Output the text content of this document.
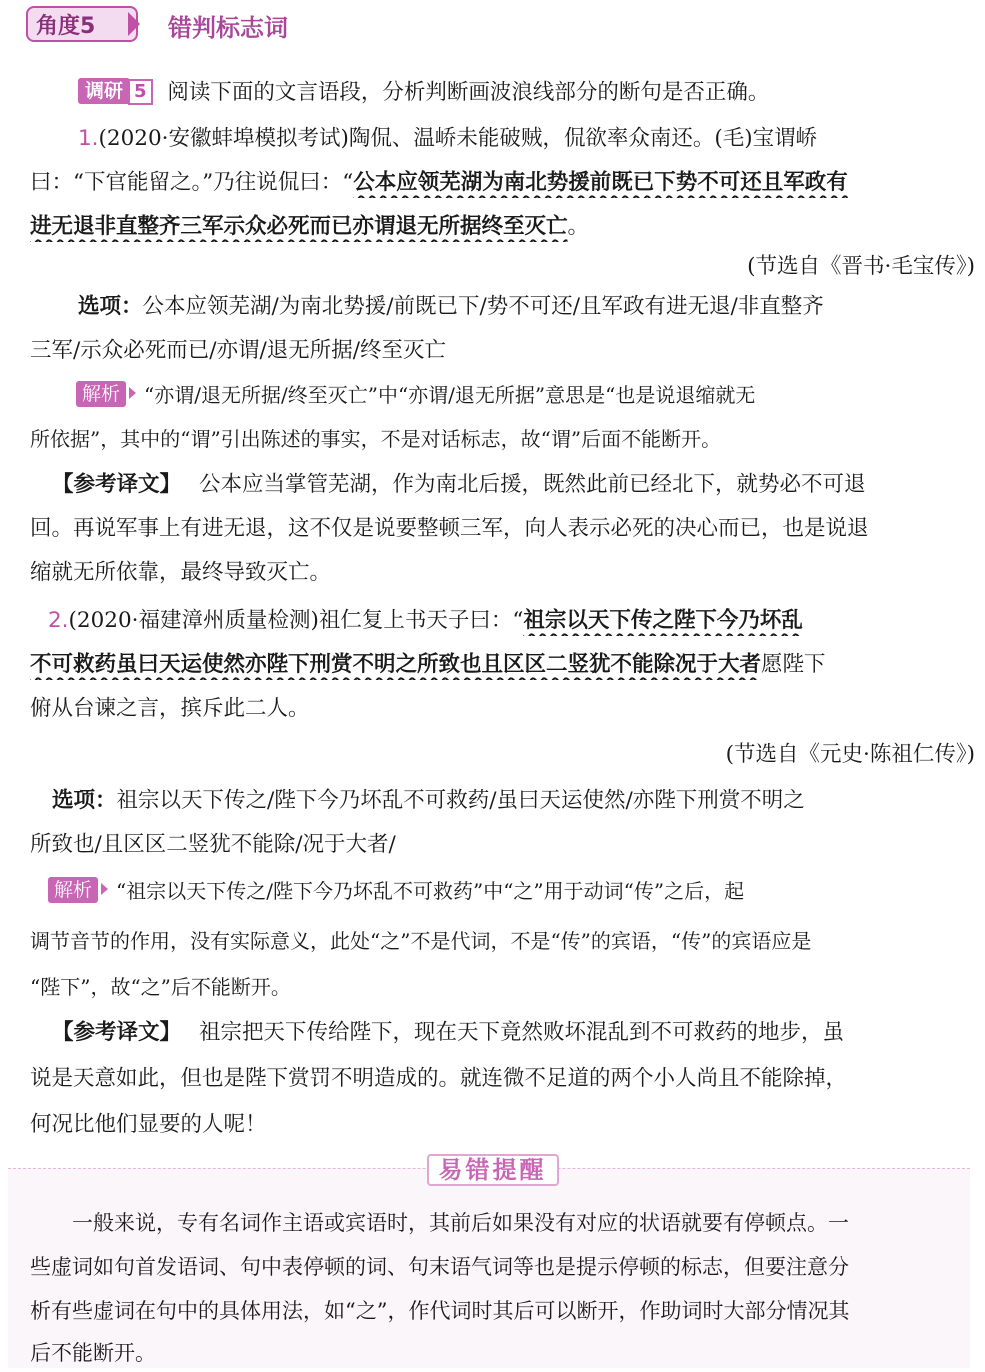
角度5	错判标志词
调研 5 阅读下面的文言语段，分析判断画波浪线部分的断句是否正确。
1.(2020·安徽蚌埠模拟考试)陶侃、温峤未能破贼，侃欲率众南还。(毛)宝谓峤
曰：“下官能留之。”乃往说侃曰：“公本应领芜湖为南北势援前既已下势不可还且军政有
进无退非直整齐三军示众必死而已亦谓退无所据终至灭亡。
(节选自《晋书·毛宝传》)
选项：公本应领芜湖/为南北势援/前既已下/势不可还/且军政有进无退/非直整齐
三军/示众必死而已/亦谓/退无所据/终至灭亡
解析 “亦谓/退无所据/终至灭亡”中“亦谓/退无所据”意思是“也是说退缩就无
所依据”，其中的“谓”引出陈述的事实，不是对话标志，故“谓”后面不能断开。
【参考译文】 公本应当掌管芜湖，作为南北后援，既然此前已经北下，就势必不可退
回。再说军事上有进无退，这不仅是说要整顿三军，向人表示必死的决心而已，也是说退
缩就无所依靠，最终导致灭亡。
2.(2020·福建漳州质量检测)祖仁复上书天子曰：“祖宗以天下传之陛下今乃坏乱
不可救药虽曰天运使然亦陛下刑赏不明之所致也且区区二竖犹不能除况于大者愿陛下
俯从台谏之言，摈斥此二人。
(节选自《元史·陈祖仁传》)
选项：祖宗以天下传之/陛下今乃坏乱不可救药/虽曰天运使然/亦陛下刑赏不明之
所致也/且区区二竖犹不能除/况于大者/
解析 “祖宗以天下传之/陛下今乃坏乱不可救药”中“之”用于动词“传”之后，起
调节音节的作用，没有实际意义，此处“之”不是代词，不是“传”的宾语，“传”的宾语应是
“陛下”，故“之”后不能断开。
【参考译文】 祖宗把天下传给陛下，现在天下竟然败坏混乱到不可救药的地步，虽
说是天意如此，但也是陛下赏罚不明造成的。就连微不足道的两个小人尚且不能除掉，
何况比他们显要的人呢！
易错提醒
一般来说，专有名词作主语或宾语时，其前后如果没有对应的状语就要有停顿点。一
些虚词如句首发语词、句中表停顿的词、句末语气词等也是提示停顿的标志，但要注意分
析有些虚词在句中的具体用法，如“之”，作代词时其后可以断开，作助词时大部分情况其
后不能断开。
